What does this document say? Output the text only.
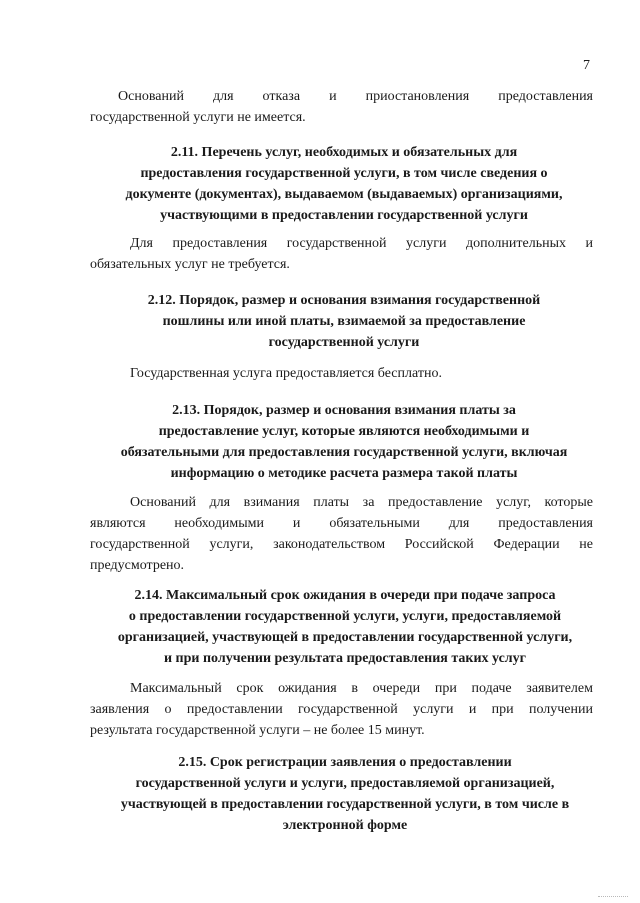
7
Оснований для отказа и приостановления предоставления
государственной услуги не имеется.

2.11. Перечень услуг, необходимых и обязательных для
предоставления государственной услуги, в том числе сведения о
документе (документах), выдаваемом (выдаваемых) организациями,
участвующими в предоставлении государственной услуги

Для предоставления государственной услуги дополнительных и
обязательных услуг не требуется.

2.12. Порядок, размер и основания взимания государственной
пошлины или иной платы, взимаемой за предоставление
государственной услуги

Государственная услуга предоставляется бесплатно.

2.13. Порядок, размер и основания взимания платы за
предоставление услуг, которые являются необходимыми и
обязательными для предоставления государственной услуги, включая
информацию о методике расчета размера такой платы

Оснований для взимания платы за предоставление услуг, которые
являются необходимыми и обязательными для предоставления
государственной услуги, законодательством Российской Федерации не
предусмотрено.

2.14. Максимальный срок ожидания в очереди при подаче запроса
о предоставлении государственной услуги, услуги, предоставляемой
организацией, участвующей в предоставлении государственной услуги,
и при получении результата предоставления таких услуг

Максимальный срок ожидания в очереди при подаче заявителем
заявления о предоставлении государственной услуги и при получении
результата государственной услуги – не более 15 минут.

2.15. Срок регистрации заявления о предоставлении
государственной услуги и услуги, предоставляемой организацией,
участвующей в предоставлении государственной услуги, в том числе в
электронной форме
